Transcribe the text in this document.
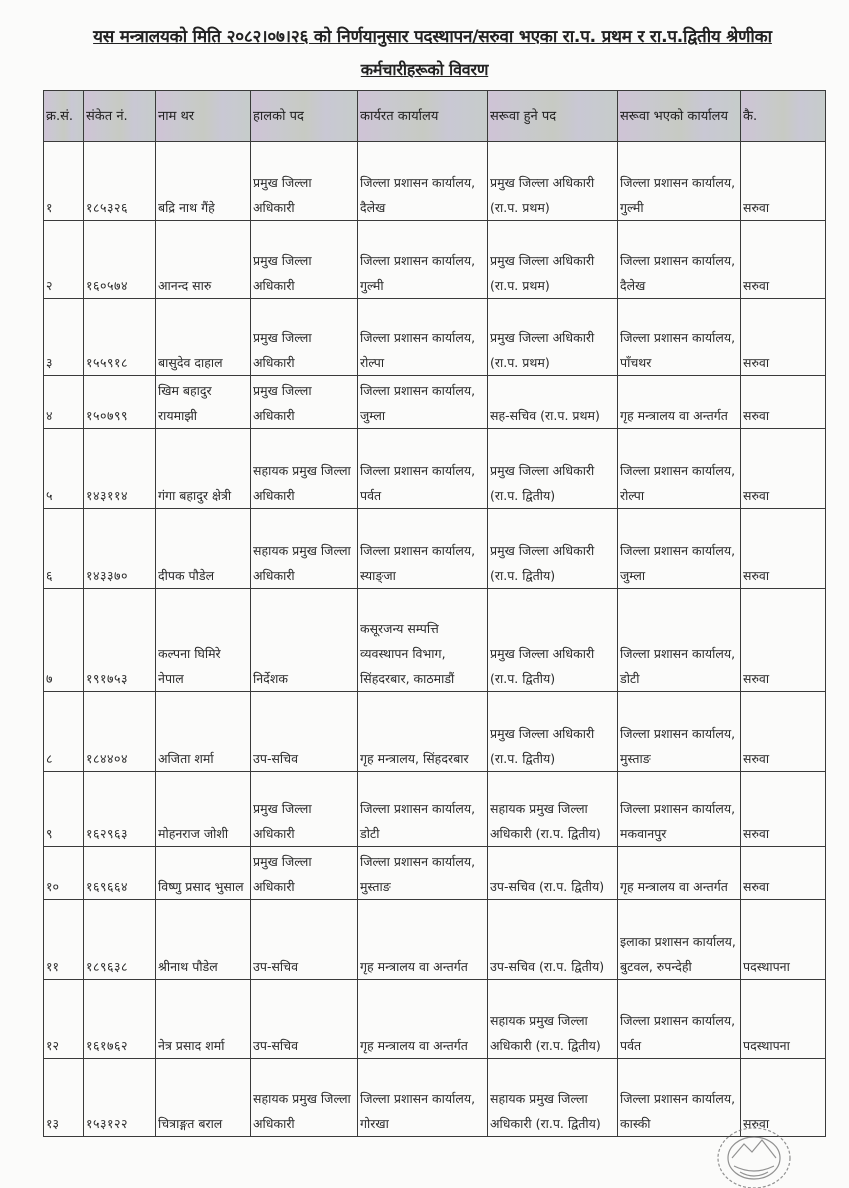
यस मन्त्रालयको मिति २०८२।०७।२६ को निर्णयानुसार पदस्थापन/सरुवा भएका रा.प. प्रथम र रा.प.द्वितीय श्रेणीका
कर्मचारीहरूको विवरण
क्र.सं.	संकेत नं.	नाम थर	हालको पद	कार्यरत कार्यालय	सरूवा हुने पद	सरूवा भएको कार्यालय	कै.
१	१८५३२६	बद्रि नाथ गैंहे	प्रमुख जिल्ला अधिकारी	जिल्ला प्रशासन कार्यालय, दैलेख	प्रमुख जिल्ला अधिकारी (रा.प. प्रथम)	जिल्ला प्रशासन कार्यालय, गुल्मी	सरुवा
२	१६०५७४	आनन्द सारु	प्रमुख जिल्ला अधिकारी	जिल्ला प्रशासन कार्यालय, गुल्मी	प्रमुख जिल्ला अधिकारी (रा.प. प्रथम)	जिल्ला प्रशासन कार्यालय, दैलेख	सरुवा
३	१५५९१८	बासुदेव दाहाल	प्रमुख जिल्ला अधिकारी	जिल्ला प्रशासन कार्यालय, रोल्पा	प्रमुख जिल्ला अधिकारी (रा.प. प्रथम)	जिल्ला प्रशासन कार्यालय, पाँचथर	सरुवा
४	१५०७९९	खिम बहादुर रायमाझी	प्रमुख जिल्ला अधिकारी	जिल्ला प्रशासन कार्यालय, जुम्ला	सह-सचिव (रा.प. प्रथम)	गृह मन्त्रालय वा अन्तर्गत	सरुवा
५	१४३११४	गंगा बहादुर क्षेत्री	सहायक प्रमुख जिल्ला अधिकारी	जिल्ला प्रशासन कार्यालय, पर्वत	प्रमुख जिल्ला अधिकारी (रा.प. द्वितीय)	जिल्ला प्रशासन कार्यालय, रोल्पा	सरुवा
६	१४३३७०	दीपक पौडेल	सहायक प्रमुख जिल्ला अधिकारी	जिल्ला प्रशासन कार्यालय, स्याङ्जा	प्रमुख जिल्ला अधिकारी (रा.प. द्वितीय)	जिल्ला प्रशासन कार्यालय, जुम्ला	सरुवा
७	१९१७५३	कल्पना घिमिरे नेपाल	निर्देशक	कसूरजन्य सम्पत्ति व्यवस्थापन विभाग, सिंहदरबार, काठमाडौं	प्रमुख जिल्ला अधिकारी (रा.प. द्वितीय)	जिल्ला प्रशासन कार्यालय, डोटी	सरुवा
८	१८४४०४	अजिता शर्मा	उप-सचिव	गृह मन्त्रालय, सिंहदरबार	प्रमुख जिल्ला अधिकारी (रा.प. द्वितीय)	जिल्ला प्रशासन कार्यालय, मुस्ताङ	सरुवा
९	१६२९६३	मोहनराज जोशी	प्रमुख जिल्ला अधिकारी	जिल्ला प्रशासन कार्यालय, डोटी	सहायक प्रमुख जिल्ला अधिकारी (रा.प. द्वितीय)	जिल्ला प्रशासन कार्यालय, मकवानपुर	सरुवा
१०	१६९६६४	विष्णु प्रसाद भुसाल	प्रमुख जिल्ला अधिकारी	जिल्ला प्रशासन कार्यालय, मुस्ताङ	उप-सचिव (रा.प. द्वितीय)	गृह मन्त्रालय वा अन्तर्गत	सरुवा
११	१८९६३८	श्रीनाथ पौडेल	उप-सचिव	गृह मन्त्रालय वा अन्तर्गत	उप-सचिव (रा.प. द्वितीय)	इलाका प्रशासन कार्यालय, बुटवल, रुपन्देही	पदस्थापना
१२	१६१७६२	नेत्र प्रसाद शर्मा	उप-सचिव	गृह मन्त्रालय वा अन्तर्गत	सहायक प्रमुख जिल्ला अधिकारी (रा.प. द्वितीय)	जिल्ला प्रशासन कार्यालय, पर्वत	पदस्थापना
१३	१५३१२२	चित्राङ्गत बराल	सहायक प्रमुख जिल्ला अधिकारी	जिल्ला प्रशासन कार्यालय, गोरखा	सहायक प्रमुख जिल्ला अधिकारी (रा.प. द्वितीय)	जिल्ला प्रशासन कार्यालय, कास्की	सरुवा
